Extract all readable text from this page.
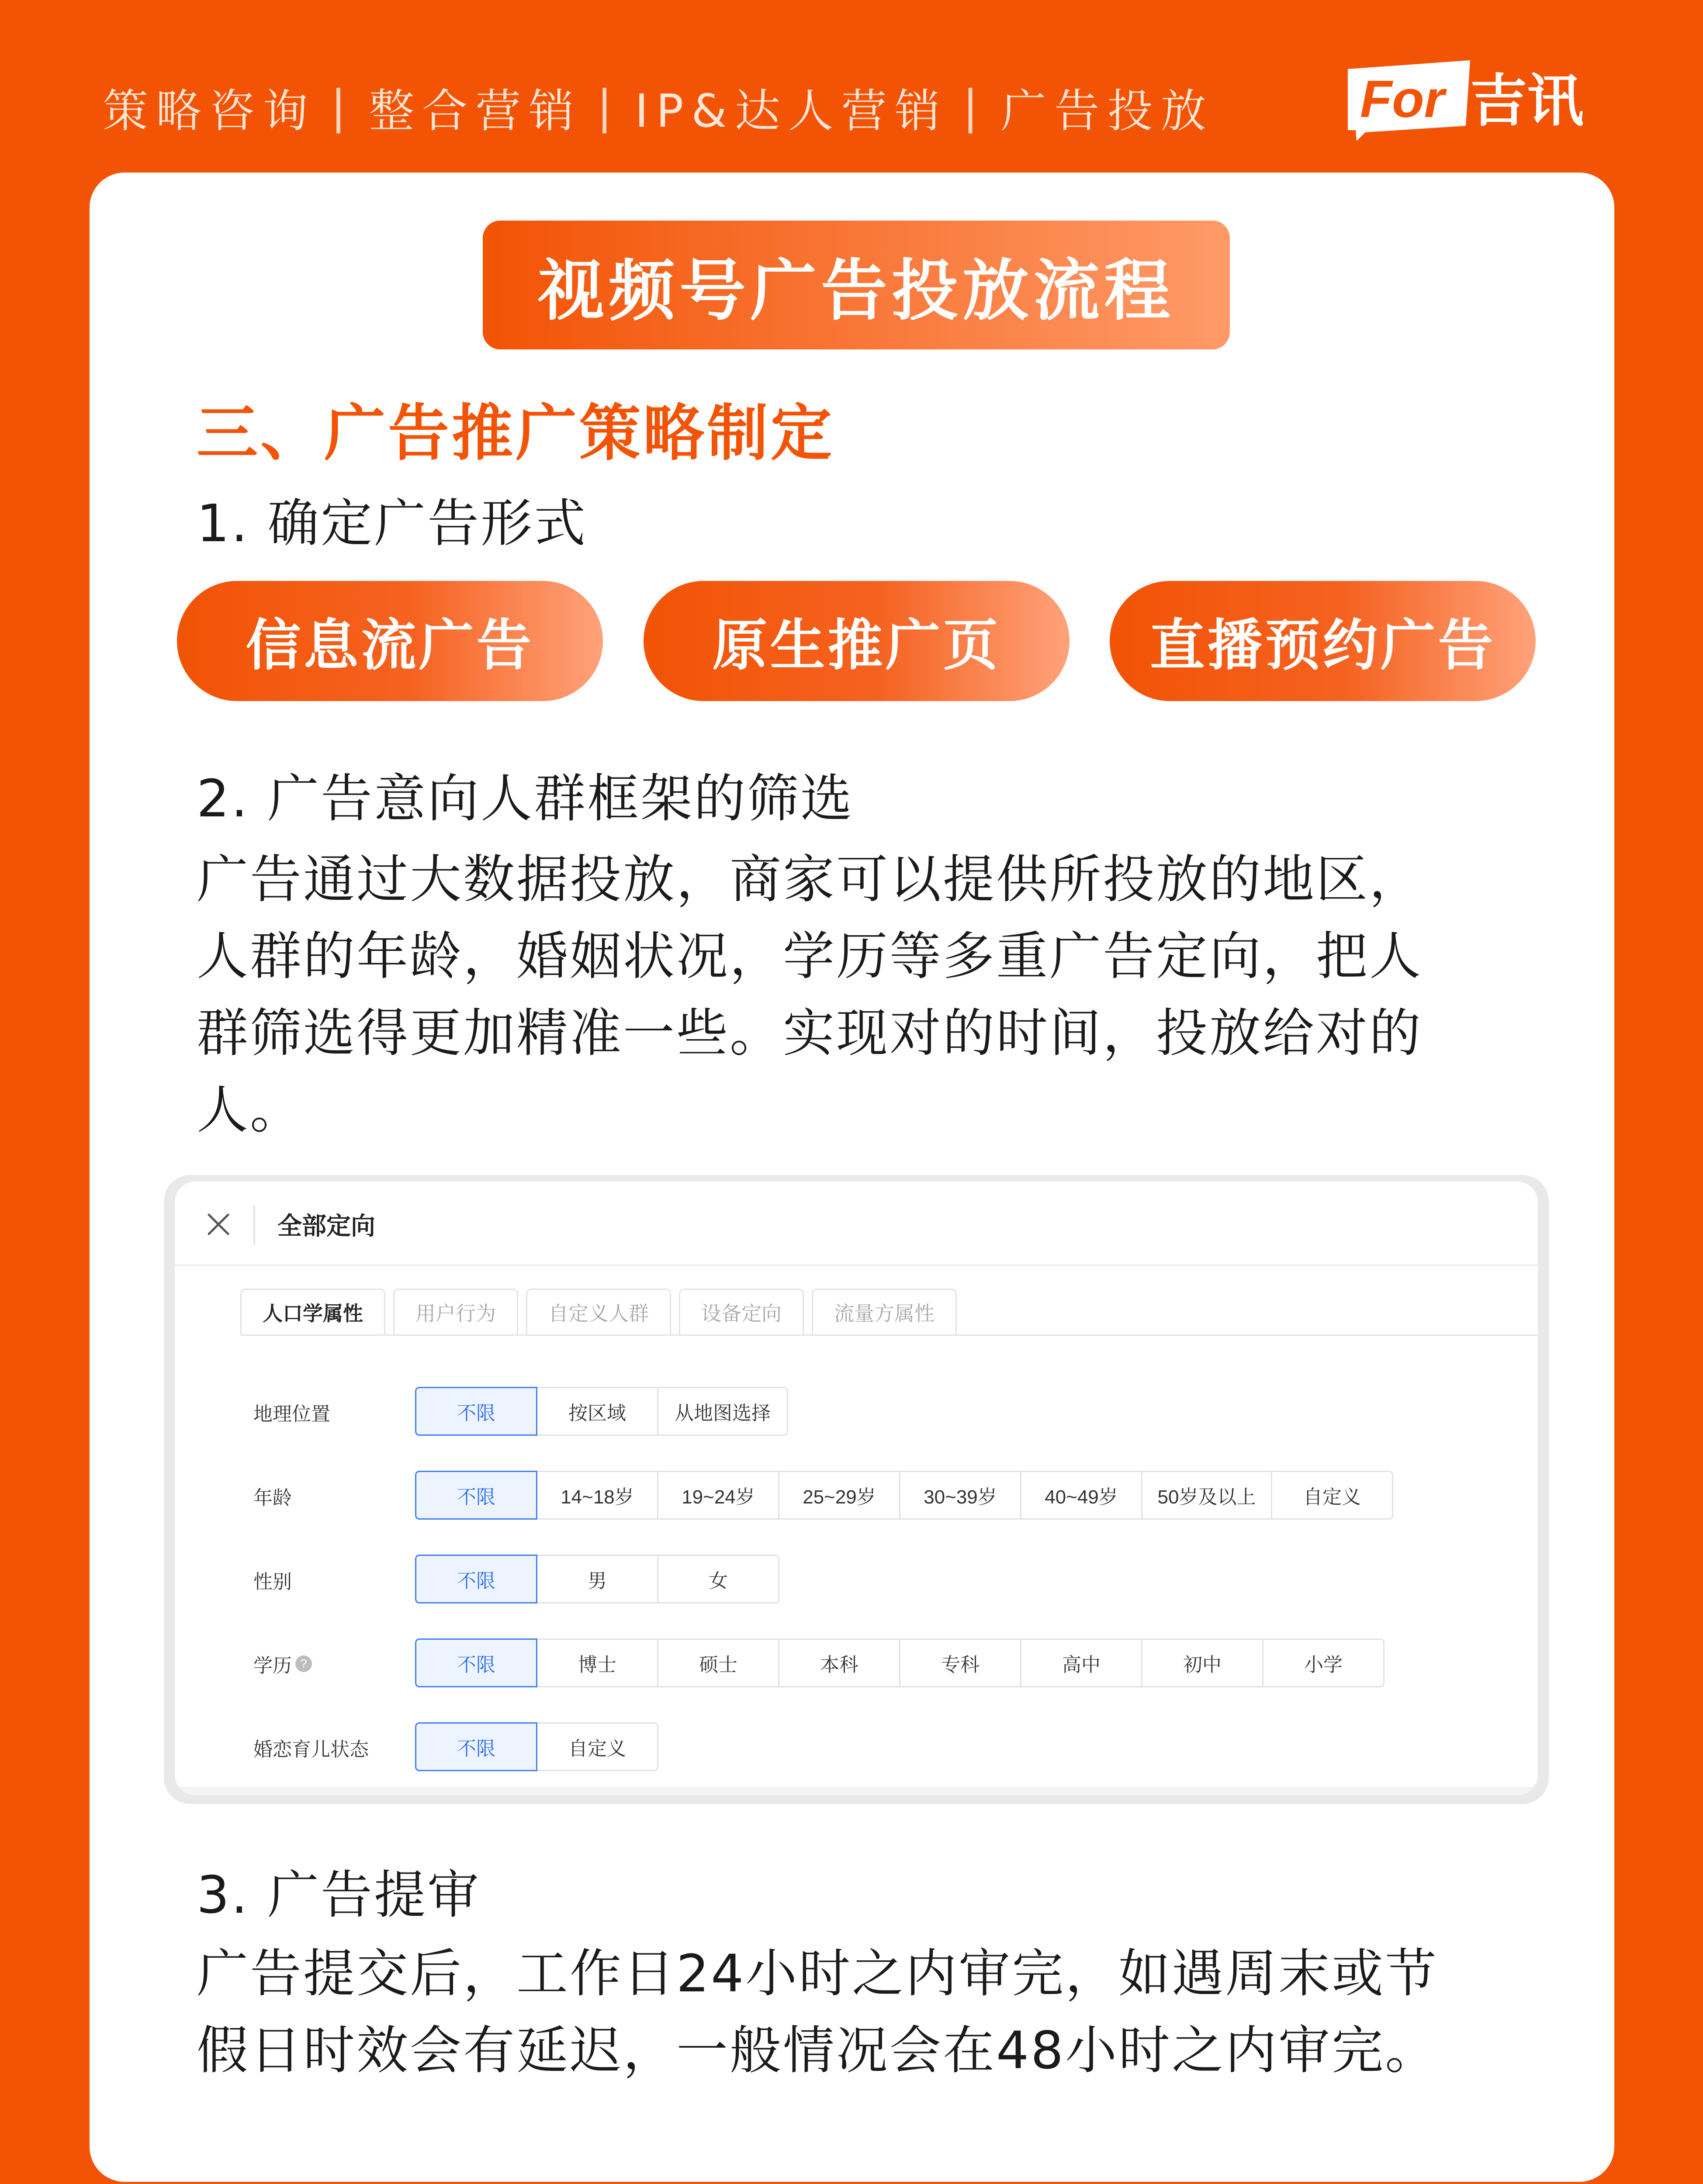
策略咨询 | 整合营销 | IP&达人营销 | 广告投放	For 吉讯
视频号广告投放流程
三、广告推广策略制定
1. 确定广告形式
信息流广告	原生推广页	直播预约广告
2. 广告意向人群框架的筛选
广告通过大数据投放，商家可以提供所投放的地区，
人群的年龄，婚姻状况，学历等多重广告定向，把人
群筛选得更加精准一些。实现对的时间，投放给对的
人。
全部定向
人口学属性	用户行为	自定义人群	设备定向	流量方属性
地理位置	不限	按区域	从地图选择
年龄	不限	14~18岁	19~24岁	25~29岁	30~39岁	40~49岁	50岁及以上	自定义
性别	不限	男	女
学历 ?	不限	博士	硕士	本科	专科	高中	初中	小学
婚恋育儿状态	不限	自定义
3. 广告提审
广告提交后，工作日24小时之内审完，如遇周末或节
假日时效会有延迟，一般情况会在48小时之内审完。
